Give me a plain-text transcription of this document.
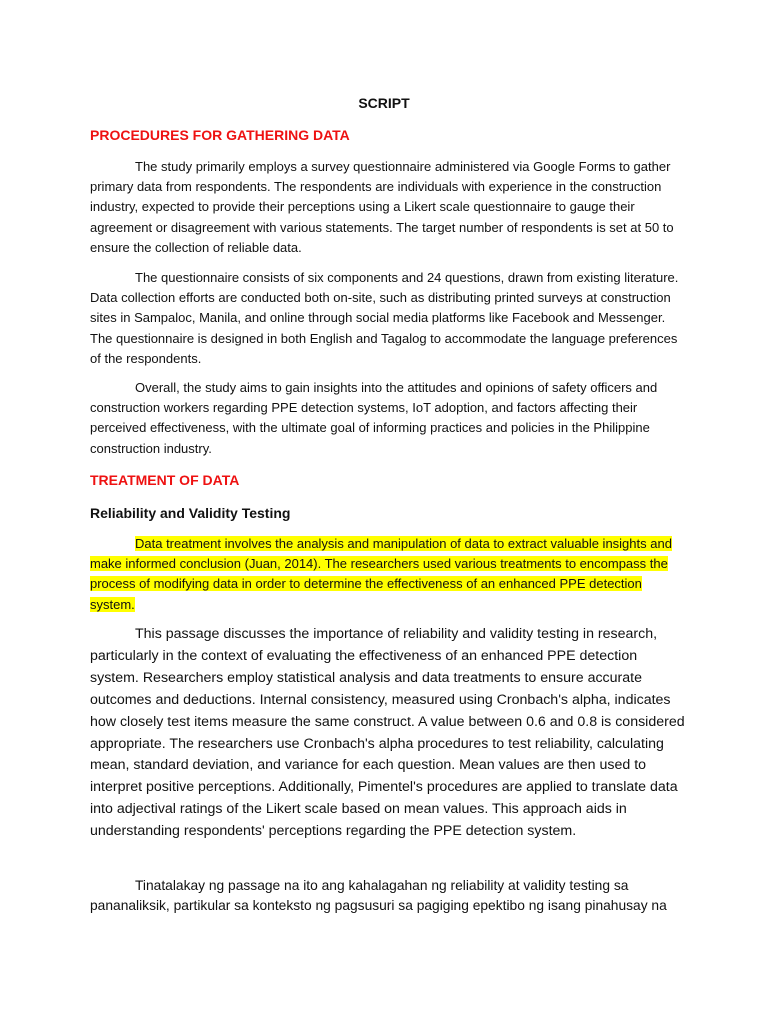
SCRIPT
PROCEDURES FOR GATHERING DATA

The study primarily employs a survey questionnaire administered via Google Forms to gather primary data from respondents. The respondents are individuals with experience in the construction industry, expected to provide their perceptions using a Likert scale questionnaire to gauge their agreement or disagreement with various statements. The target number of respondents is set at 50 to ensure the collection of reliable data.

The questionnaire consists of six components and 24 questions, drawn from existing literature. Data collection efforts are conducted both on-site, such as distributing printed surveys at construction sites in Sampaloc, Manila, and online through social media platforms like Facebook and Messenger. The questionnaire is designed in both English and Tagalog to accommodate the language preferences of the respondents.

Overall, the study aims to gain insights into the attitudes and opinions of safety officers and construction workers regarding PPE detection systems, IoT adoption, and factors affecting their perceived effectiveness, with the ultimate goal of informing practices and policies in the Philippine construction industry.

TREATMENT OF DATA
Reliability and Validity Testing

Data treatment involves the analysis and manipulation of data to extract valuable insights and make informed conclusion (Juan, 2014). The researchers used various treatments to encompass the process of modifying data in order to determine the effectiveness of an enhanced PPE detection system.

This passage discusses the importance of reliability and validity testing in research, particularly in the context of evaluating the effectiveness of an enhanced PPE detection system. Researchers employ statistical analysis and data treatments to ensure accurate outcomes and deductions. Internal consistency, measured using Cronbach's alpha, indicates how closely test items measure the same construct. A value between 0.6 and 0.8 is considered appropriate. The researchers use Cronbach's alpha procedures to test reliability, calculating mean, standard deviation, and variance for each question. Mean values are then used to interpret positive perceptions. Additionally, Pimentel's procedures are applied to translate data into adjectival ratings of the Likert scale based on mean values. This approach aids in understanding respondents' perceptions regarding the PPE detection system.

Tinatalakay ng passage na ito ang kahalagahan ng reliability at validity testing sa pananaliksik, partikular sa konteksto ng pagsusuri sa pagiging epektibo ng isang pinahusay na
